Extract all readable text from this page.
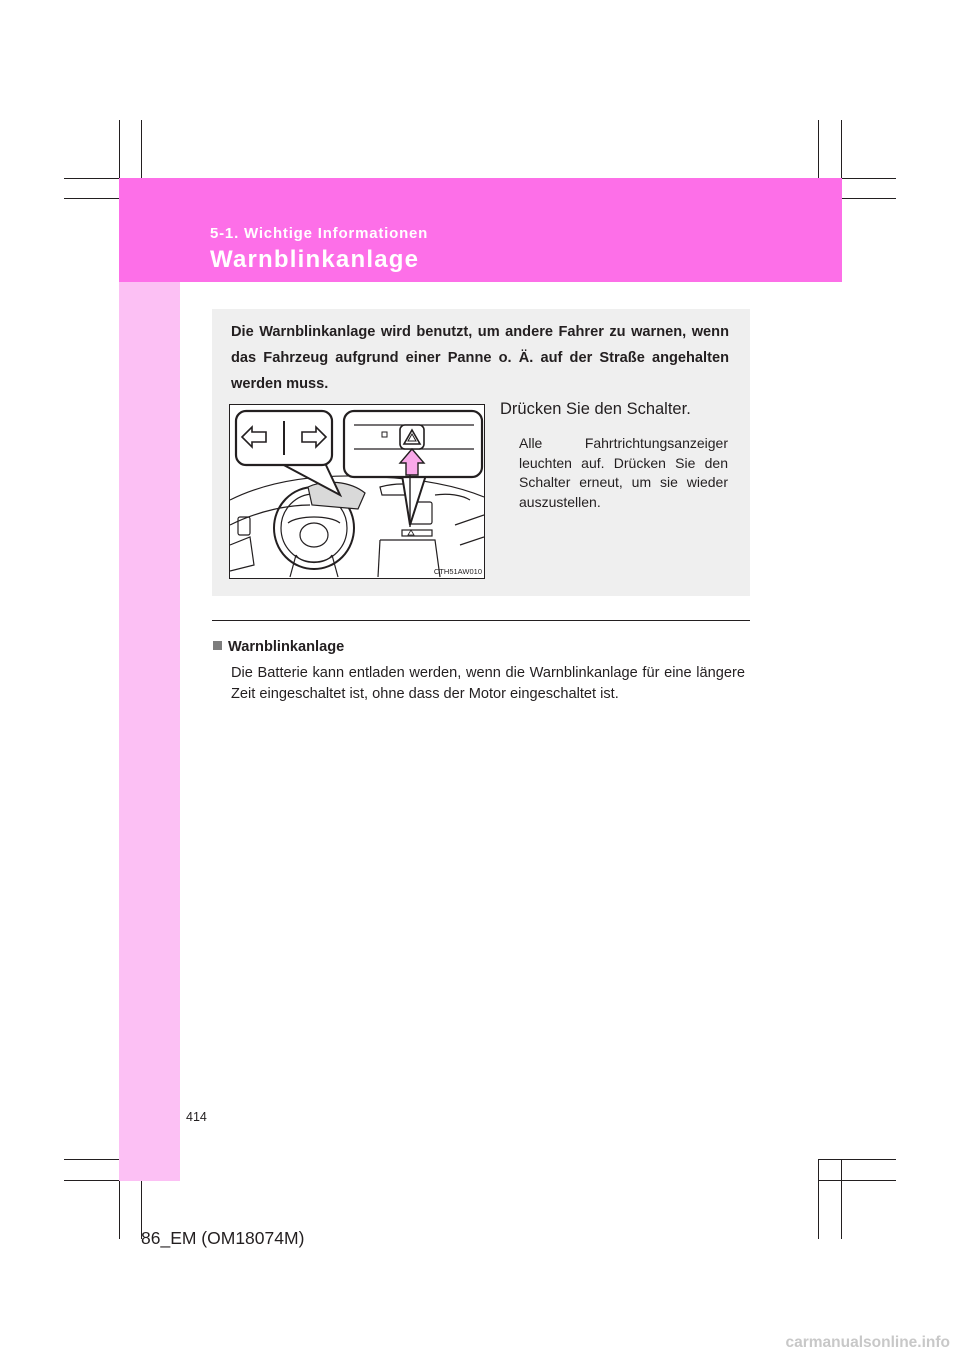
5-1. Wichtige Informationen

Warnblinkanlage

Die Warnblinkanlage wird benutzt, um andere Fahrer zu warnen, wenn das Fahrzeug aufgrund einer Panne o. Ä. auf der Straße angehalten werden muss.

CTH51AW010

Drücken Sie den Schalter.

Alle Fahrtrichtungsanzeiger leuchten auf. Drücken Sie den Schalter erneut, um sie wieder auszustellen.

Warnblinkanlage

Die Batterie kann entladen werden, wenn die Warnblinkanlage für eine längere Zeit eingeschaltet ist, ohne dass der Motor eingeschaltet ist.

414

86_EM (OM18074M)

carmanualsonline.info
